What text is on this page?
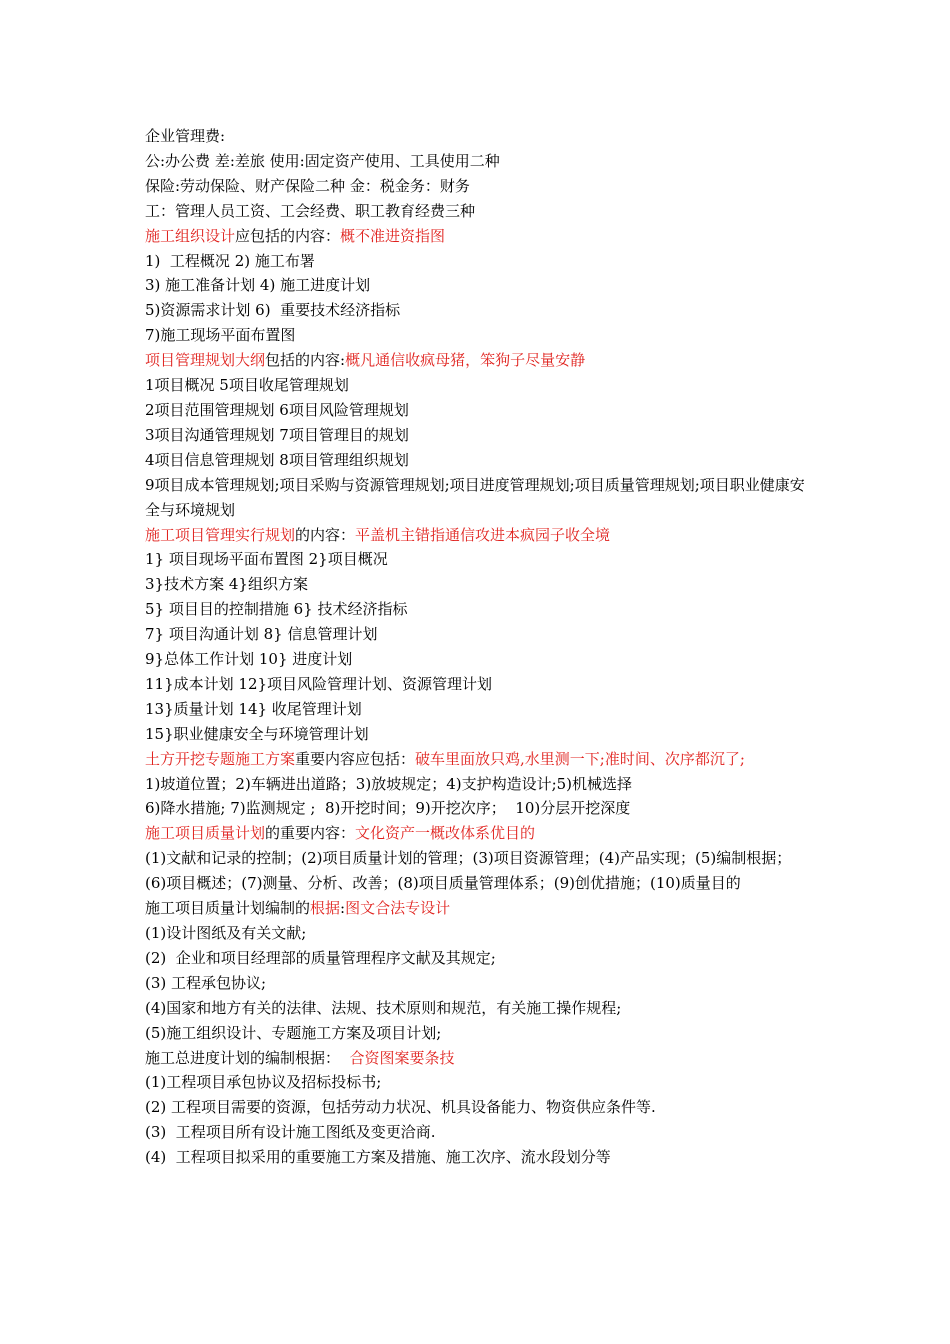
企业管理费:

公:办公费 差:差旅 使用:固定资产使用、工具使用二种

保险:劳动保险、财产保险二种 金：税金务：财务

工：管理人员工资、工会经费、职工教育经费三种

施工组织设计应包括的内容：概不准进资指图

1)  工程概况 2) 施工布署

3) 施工准备计划 4) 施工进度计划

5)资源需求计划 6)  重要技术经济指标

7)施工现场平面布置图

项目管理规划大纲包括的内容:概凡通信收疯母猪，笨狗子尽量安静

1项目概况 5项目收尾管理规划

2项目范围管理规划 6项目风险管理规划

3项目沟通管理规划 7项目管理目的规划

4项目信息管理规划 8项目管理组织规划

9项目成本管理规划;项目采购与资源管理规划;项目进度管理规划;项目质量管理规划;项目职业健康安全与环境规划

施工项目管理实行规划的内容：平盖机主错指通信攻进本疯园子收全境

1} 项目现场平面布置图 2}项目概况

3}技术方案 4}组织方案

5} 项目目的控制措施 6} 技术经济指标

7} 项目沟通计划 8} 信息管理计划

9}总体工作计划 10} 进度计划

11}成本计划 12}项目风险管理计划、资源管理计划

13}质量计划 14} 收尾管理计划

15}职业健康安全与环境管理计划

土方开挖专题施工方案重要内容应包括：破车里面放只鸡,水里测一下;准时间、次序都沉了;

1)坡道位置；2)车辆进出道路；3)放坡规定；4)支护构造设计;5)机械选择

6)降水措施; 7)监测规定 ;  8)开挖时间；9)开挖次序；  10)分层开挖深度

施工项目质量计划的重要内容：文化资产一概改体系优目的

(1)文献和记录的控制；(2)项目质量计划的管理；(3)项目资源管理；(4)产品实现；(5)编制根据；(6)项目概述；(7)测量、分析、改善；(8)项目质量管理体系；(9)创优措施；(10)质量目的

施工项目质量计划编制的根据:图文合法专设计

(1)设计图纸及有关文献;

(2)  企业和项目经理部的质量管理程序文献及其规定;

(3) 工程承包协议;

(4)国家和地方有关的法律、法规、技术原则和规范，有关施工操作规程;

(5)施工组织设计、专题施工方案及项目计划;

施工总进度计划的编制根据：  合资图案要条技

(1)工程项目承包协议及招标投标书;

(2) 工程项目需要的资源，包括劳动力状况、机具设备能力、物资供应条件等.

(3)  工程项目所有设计施工图纸及变更洽商.

(4)  工程项目拟采用的重要施工方案及措施、施工次序、流水段划分等
